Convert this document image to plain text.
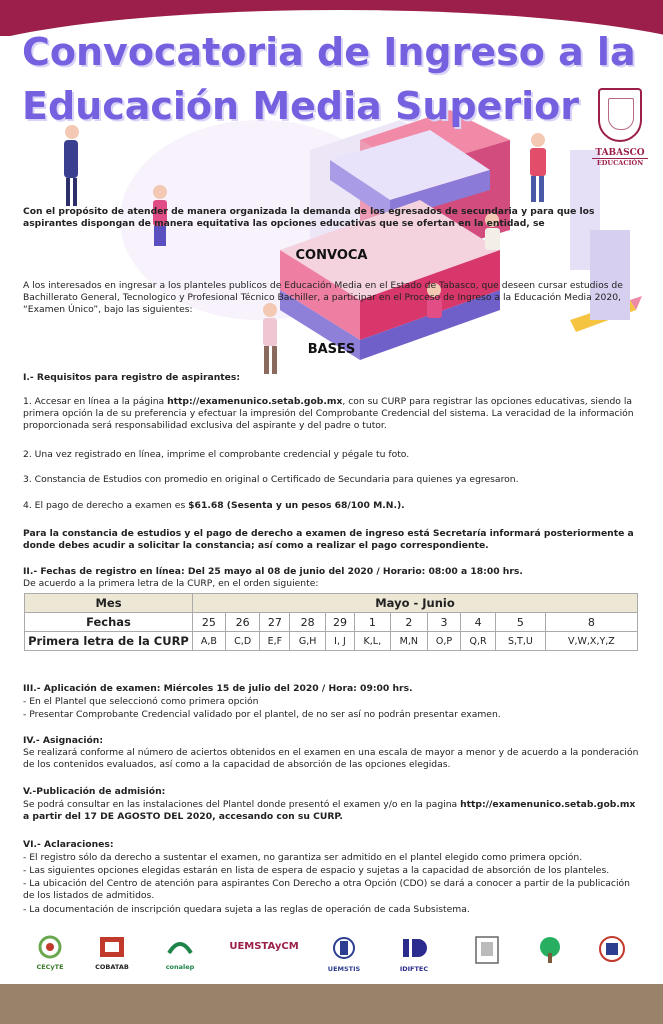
Convocatoria de Ingreso a la
Educación Media Superior
TABASCO
EDUCACIÓN
Con el propósito de atender de manera organizada la demanda de los egresados de secundaria y para que los aspirantes dispongan de manera equitativa las opciones educativas que se ofertan en la entidad, se
CONVOCA
A los interesados en ingresar a los planteles publicos de Educación Media en el Estado de Tabasco, que deseen cursar estudios de Bachillerato General, Tecnologico y Profesional Técnico Bachiller, a participar en el Proceso de Ingreso a la Educación Media 2020, “Examen Único”, bajo las siguientes:
BASES
I.- Requisitos para registro de aspirantes:
1. Accesar en línea a la página http://examenunico.setab.gob.mx, con su CURP para registrar las opciones educativas, siendo la primera opción la de su preferencia y efectuar la impresión del Comprobante Credencial del sistema. La veracidad de la información proporcionada será responsabilidad exclusiva del aspirante y del padre o tutor.
2. Una vez registrado en línea, imprime el comprobante credencial y pégale tu foto.
3. Constancia de Estudios con promedio en original o Certificado de Secundaria para quienes ya egresaron.
4. El pago de derecho a examen es $61.68 (Sesenta y un pesos 68/100 M.N.).
Para la constancia de estudios y el pago de derecho a examen de ingreso está Secretaría informará posteriormente a donde debes acudir a solicitar la constancia; así como a realizar el pago correspondiente.
II.- Fechas de registro en línea: Del 25 mayo al 08 de junio del 2020 / Horario: 08:00 a 18:00 hrs.
De acuerdo a la primera letra de la CURP, en el orden siguiente:
Mes	Mayo - Junio										
Fechas	25	26	27	28	29	1	2	3	4	5	8
Primera letra de la CURP	A,B	C,D	E,F	G,H	I, J	K,L,	M,N	O,P	Q,R	S,T,U	V,W,X,Y,Z
III.- Aplicación de examen: Miércoles 15 de julio del 2020 / Hora: 09:00 hrs.
- En el Plantel que seleccionó como primera opción
- Presentar Comprobante Credencial validado por el plantel, de no ser así no podrán presentar examen.
IV.- Asignación:
Se realizará conforme al número de aciertos obtenidos en el examen en una escala de mayor a menor y de acuerdo a la ponderación de los contenidos evaluados, así como a la capacidad de absorción de las opciones elegidas.
V.-Publicación de admisión:
Se podrá consultar en las instalaciones del Plantel donde presentó el examen y/o en la pagina http://examenunico.setab.gob.mx
a partir del 17 DE AGOSTO DEL 2020, accesando con su CURP.
VI.- Aclaraciones:
- El registro sólo da derecho a sustentar el examen, no garantiza ser admitido en el plantel elegido como primera opción.
- Las siguientes opciones elegidas estarán en lista de espera de espacio y sujetas a la capacidad de absorción de los planteles.
- La ubicación del Centro de atención para aspirantes Con Derecho a otra Opción (CDO) se dará a conocer a partir de la publicación de los listados de admitidos.
- La documentación de inscripción quedara sujeta a las reglas de operación de cada Subsistema.
CECyTE	COBATAB	conalep
UEMSTAyCM
UEMSTIS	IDIFTEC
